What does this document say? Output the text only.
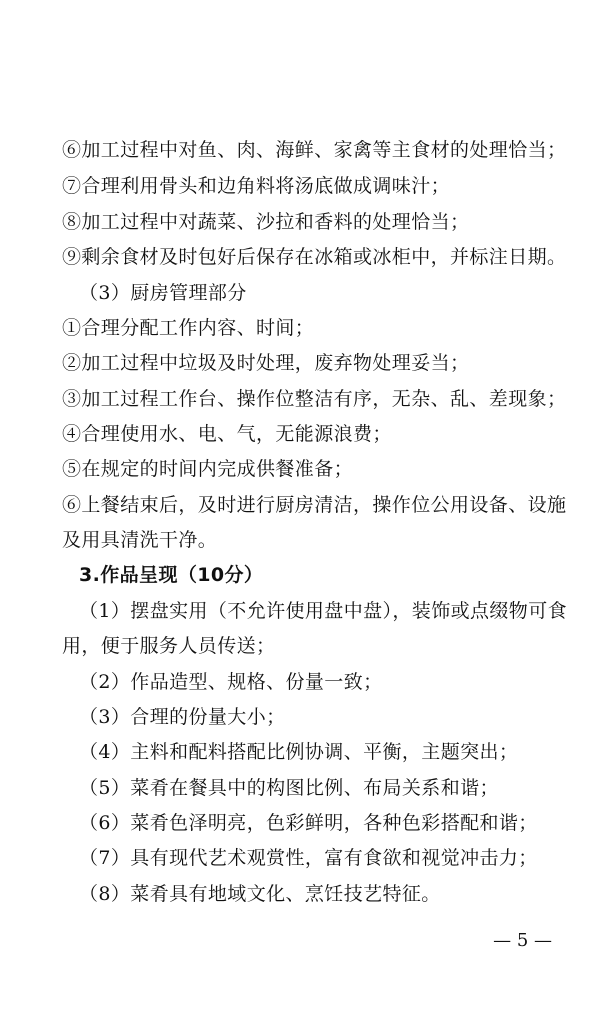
⑥加工过程中对鱼、肉、海鲜、家禽等主食材的处理恰当；
⑦合理利用骨头和边角料将汤底做成调味汁；
⑧加工过程中对蔬菜、沙拉和香料的处理恰当；
⑨剩余食材及时包好后保存在冰箱或冰柜中，并标注日期。
（3）厨房管理部分
①合理分配工作内容、时间；
②加工过程中垃圾及时处理，废弃物处理妥当；
③加工过程工作台、操作位整洁有序，无杂、乱、差现象；
④合理使用水、电、气，无能源浪费；
⑤在规定的时间内完成供餐准备；
⑥上餐结束后，及时进行厨房清洁，操作位公用设备、设施
及用具清洗干净。
3.作品呈现（10分）
（1）摆盘实用（不允许使用盘中盘），装饰或点缀物可食
用，便于服务人员传送；
（2）作品造型、规格、份量一致；
（3）合理的份量大小；
（4）主料和配料搭配比例协调、平衡，主题突出；
（5）菜肴在餐具中的构图比例、布局关系和谐；
（6）菜肴色泽明亮，色彩鲜明，各种色彩搭配和谐；
（7）具有现代艺术观赏性，富有食欲和视觉冲击力；
（8）菜肴具有地域文化、烹饪技艺特征。
— 5 —
